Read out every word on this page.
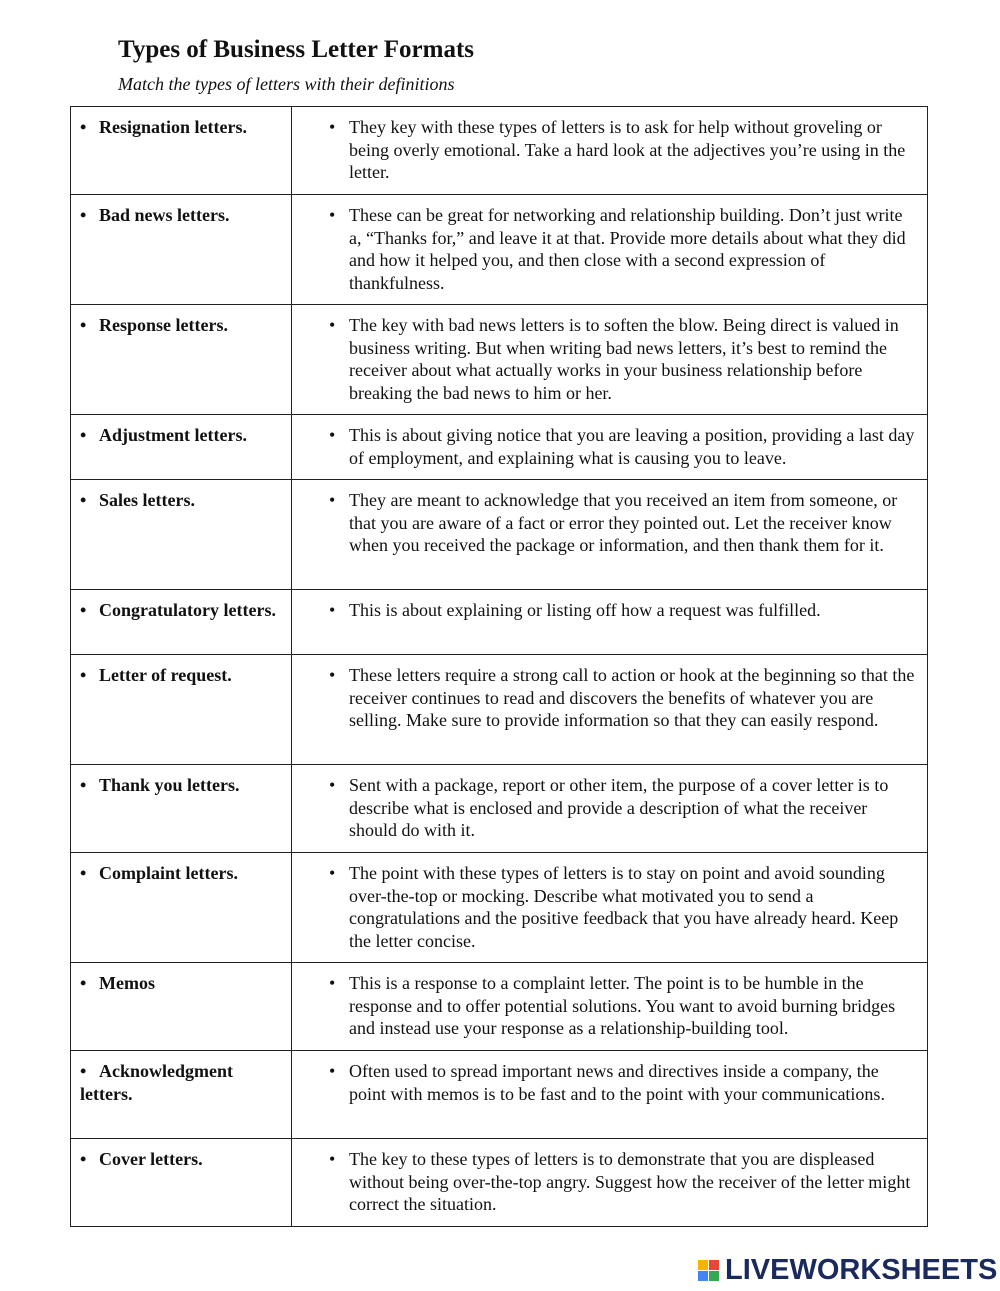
Types of Business Letter Formats

Match the types of letters with their definitions

• Resignation letters.	• They key with these types of letters is to ask for help without groveling or being overly emotional. Take a hard look at the adjectives you’re using in the letter.

• Bad news letters.	• These can be great for networking and relationship building. Don’t just write a, “Thanks for,” and leave it at that. Provide more details about what they did and how it helped you, and then close with a second expression of thankfulness.

• Response letters.	• The key with bad news letters is to soften the blow. Being direct is valued in business writing. But when writing bad news letters, it’s best to remind the receiver about what actually works in your business relationship before breaking the bad news to him or her.

• Adjustment letters.	• This is about giving notice that you are leaving a position, providing a last day of employment, and explaining what is causing you to leave.

• Sales letters.	• They are meant to acknowledge that you received an item from someone, or that you are aware of a fact or error they pointed out. Let the receiver know when you received the package or information, and then thank them for it.

• Congratulatory letters.	• This is about explaining or listing off how a request was fulfilled.

• Letter of request.	• These letters require a strong call to action or hook at the beginning so that the receiver continues to read and discovers the benefits of whatever you are selling. Make sure to provide information so that they can easily respond.

• Thank you letters.	• Sent with a package, report or other item, the purpose of a cover letter is to describe what is enclosed and provide a description of what the receiver should do with it.

• Complaint letters.	• The point with these types of letters is to stay on point and avoid sounding over-the-top or mocking. Describe what motivated you to send a congratulations and the positive feedback that you have already heard. Keep the letter concise.

• Memos	• This is a response to a complaint letter. The point is to be humble in the response and to offer potential solutions. You want to avoid burning bridges and instead use your response as a relationship-building tool.

• Acknowledgment letters.	• Often used to spread important news and directives inside a company, the point with memos is to be fast and to the point with your communications.

• Cover letters.	• The key to these types of letters is to demonstrate that you are displeased without being over-the-top angry. Suggest how the receiver of the letter might correct the situation.
LIVEWORKSHEETS
